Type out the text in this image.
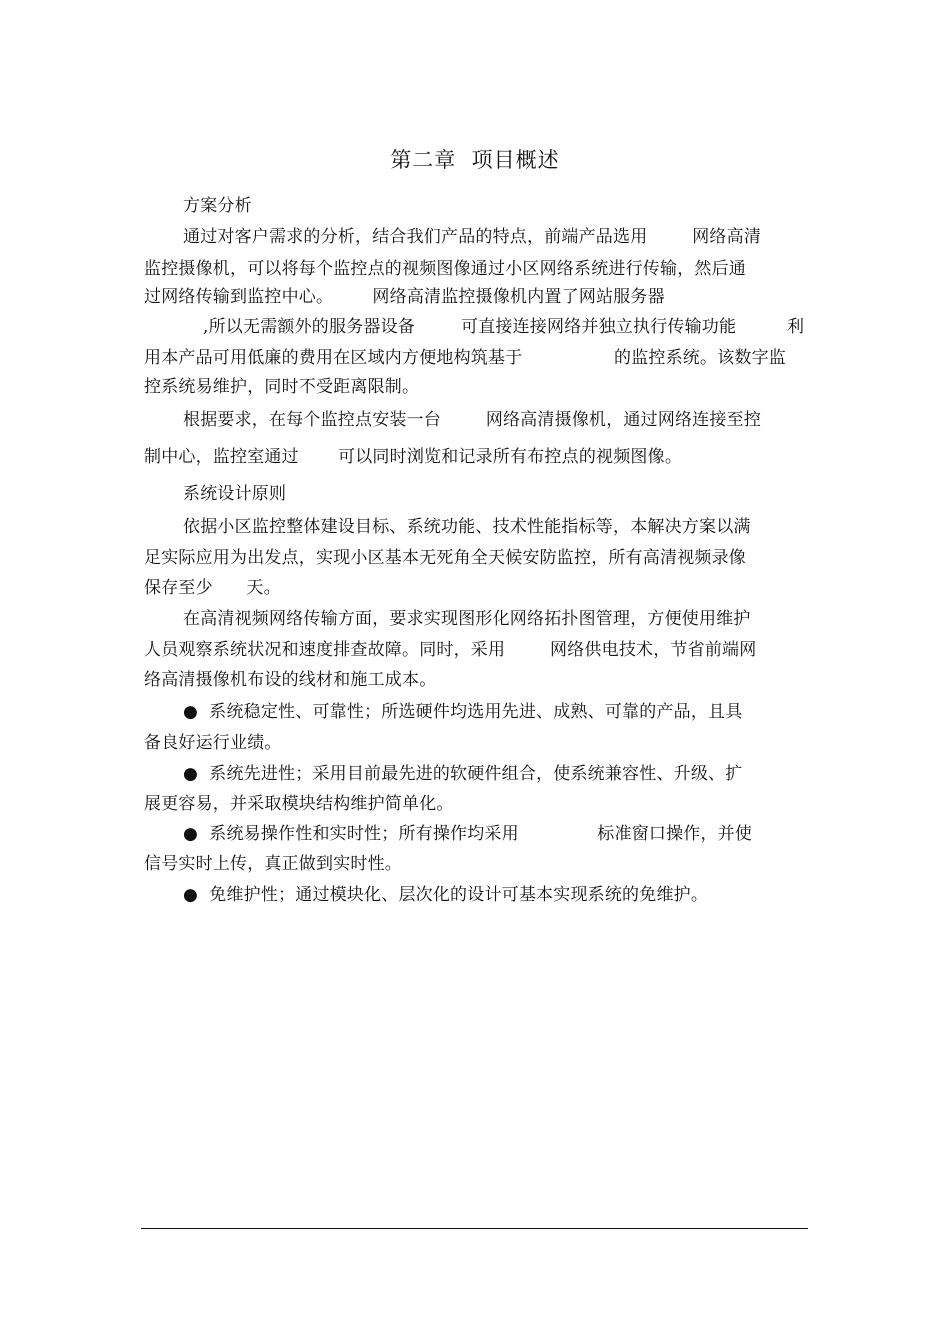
第二章  项目概述
方案分析
通过对客户需求的分析，结合我们产品的特点，前端产品选用        网络高清
监控摄像机，可以将每个监控点的视频图像通过小区网络系统进行传输，然后通
过网络传输到监控中心。       网络高清监控摄像机内置了网站服务器
,所以无需额外的服务器设备	可直接连接网络并独立执行传输功能	利
用本产品可用低廉的费用在区域内方便地构筑基于	的监控系统。该数字监
控系统易维护，同时不受距离限制。
根据要求，在每个监控点安装一台        网络高清摄像机，通过网络连接至控
制中心，监控室通过       可以同时浏览和记录所有布控点的视频图像。
系统设计原则
依据小区监控整体建设目标、系统功能、技术性能指标等，本解决方案以满
足实际应用为出发点，实现小区基本无死角全天候安防监控，所有高清视频录像
保存至少      天。
在高清视频网络传输方面，要求实现图形化网络拓扑图管理，方便使用维护
人员观察系统状况和速度排查故障。同时，采用        网络供电技术，节省前端网
络高清摄像机布设的线材和施工成本。
●  系统稳定性、可靠性；所选硬件均选用先进、成熟、可靠的产品，且具
备良好运行业绩。
●  系统先进性；采用目前最先进的软硬件组合，使系统兼容性、升级、扩
展更容易，并采取模块结构维护简单化。
●  系统易操作性和实时性；所有操作均采用              标准窗口操作，并使
信号实时上传，真正做到实时性。
●  免维护性；通过模块化、层次化的设计可基本实现系统的免维护。
